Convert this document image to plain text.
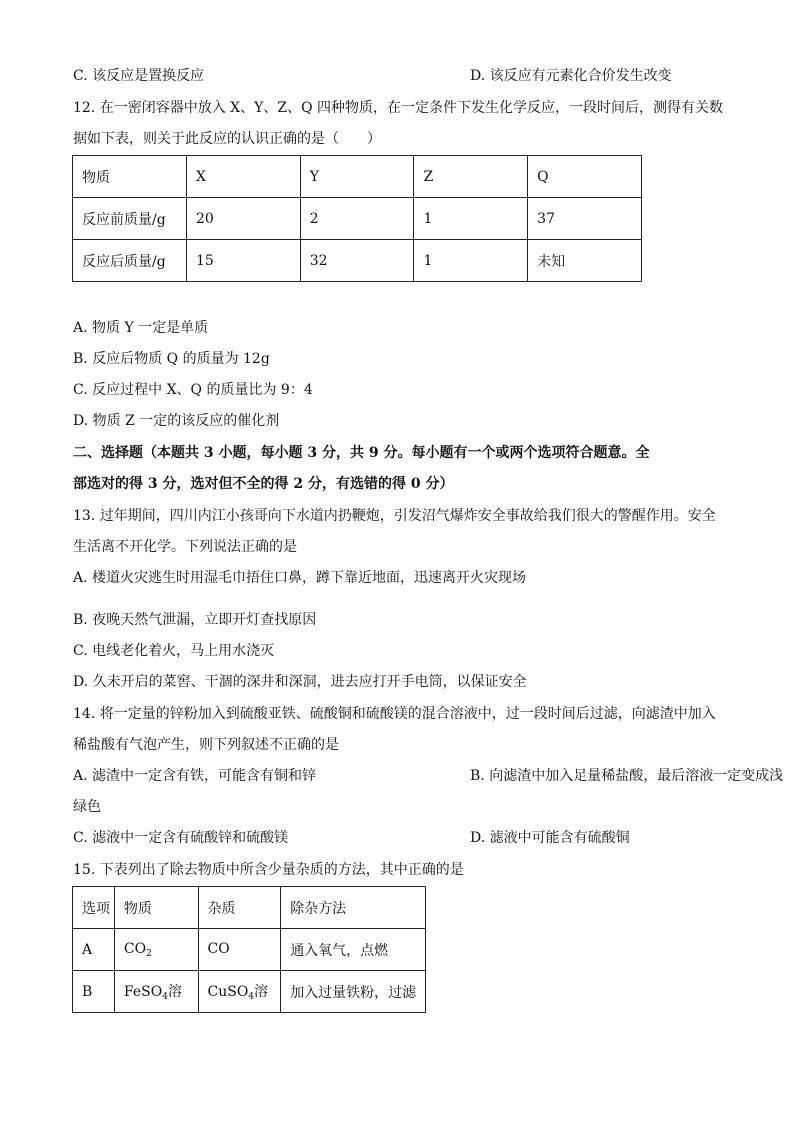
C. 该反应是置换反应	D. 该反应有元素化合价发生改变
12. 在一密闭容器中放入 X、Y、Z、Q 四种物质，在一定条件下发生化学反应，一段时间后，测得有关数
据如下表，则关于此反应的认识正确的是（　　）
物质	X	Y	Z	Q
反应前质量/g	20	2	1	37
反应后质量/g	15	32	1	未知
A. 物质 Y 一定是单质
B. 反应后物质 Q 的质量为 12g
C. 反应过程中 X、Q 的质量比为 9：4
D. 物质 Z 一定的该反应的催化剂
二、选择题（本题共 3 小题，每小题 3 分，共 9 分。每小题有一个或两个选项符合题意。全
部选对的得 3 分，选对但不全的得 2 分，有选错的得 0 分）
13. 过年期间，四川内江小孩哥向下水道内扔鞭炮，引发沼气爆炸安全事故给我们很大的警醒作用。安全
生活离不开化学。下列说法正确的是
A. 楼道火灾逃生时用湿毛巾捂住口鼻，蹲下靠近地面，迅速离开火灾现场
B. 夜晚天然气泄漏，立即开灯查找原因
C. 电线老化着火，马上用水浇灭
D. 久未开启的菜窖、干涸的深井和深洞，进去应打开手电筒，以保证安全
14. 将一定量的锌粉加入到硫酸亚铁、硫酸铜和硫酸镁的混合溶液中，过一段时间后过滤，向滤渣中加入
稀盐酸有气泡产生，则下列叙述不正确的是
A. 滤渣中一定含有铁，可能含有铜和锌	B. 向滤渣中加入足量稀盐酸，最后溶液一定变成浅
绿色
C. 滤液中一定含有硫酸锌和硫酸镁	D. 滤液中可能含有硫酸铜
15. 下表列出了除去物质中所含少量杂质的方法，其中正确的是
选项	物质	杂质	除杂方法
A	$CO_2$	CO	通入氧气，点燃
B	FeSO$_4$溶	CuSO$_4$溶	加入过量铁粉，过滤
